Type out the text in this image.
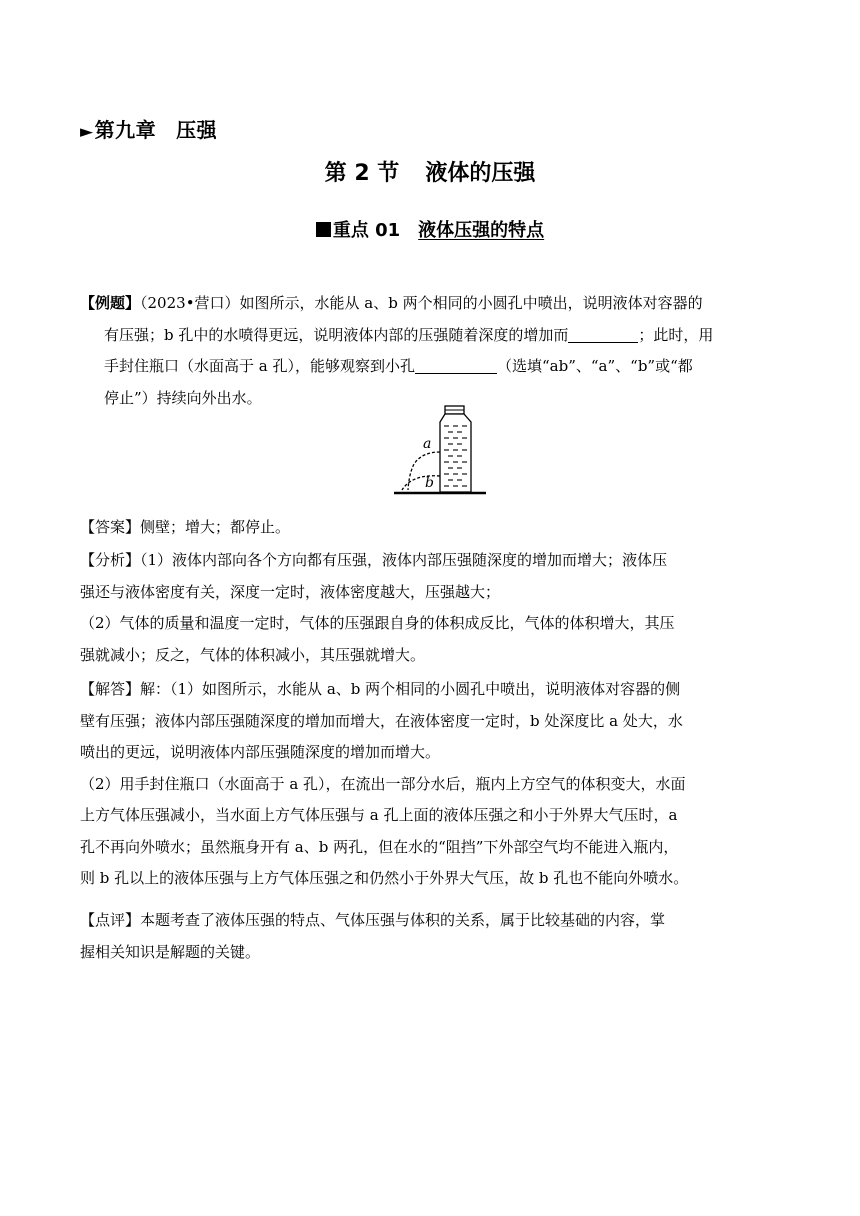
►第九章 压强
第 2 节 液体的压强
重点 01 液体压强的特点
【例题】（2023•营口）如图所示，水能从 a、b 两个相同的小圆孔中喷出，说明液体对容器的
有压强；b 孔中的水喷得更远，说明液体内部的压强随着深度的增加而	；此时，用
手封住瓶口（水面高于 a 孔），能够观察到小孔	（选填“ab”、“a”、“b”或“都
停止”）持续向外出水。
a
b
【答案】侧壁；增大；都停止。
【分析】（1）液体内部向各个方向都有压强，液体内部压强随深度的增加而增大；液体压
强还与液体密度有关，深度一定时，液体密度越大，压强越大；
（2）气体的质量和温度一定时，气体的压强跟自身的体积成反比，气体的体积增大，其压
强就减小；反之，气体的体积减小，其压强就增大。
【解答】解：（1）如图所示，水能从 a、b 两个相同的小圆孔中喷出，说明液体对容器的侧
壁有压强；液体内部压强随深度的增加而增大，在液体密度一定时，b 处深度比 a 处大，水
喷出的更远，说明液体内部压强随深度的增加而增大。
（2）用手封住瓶口（水面高于 a 孔），在流出一部分水后，瓶内上方空气的体积变大，水面
上方气体压强减小，当水面上方气体压强与 a 孔上面的液体压强之和小于外界大气压时，a
孔不再向外喷水；虽然瓶身开有 a、b 两孔，但在水的“阻挡”下外部空气均不能进入瓶内，
则 b 孔以上的液体压强与上方气体压强之和仍然小于外界大气压，故 b 孔也不能向外喷水。
【点评】本题考查了液体压强的特点、气体压强与体积的关系，属于比较基础的内容，掌
握相关知识是解题的关键。
